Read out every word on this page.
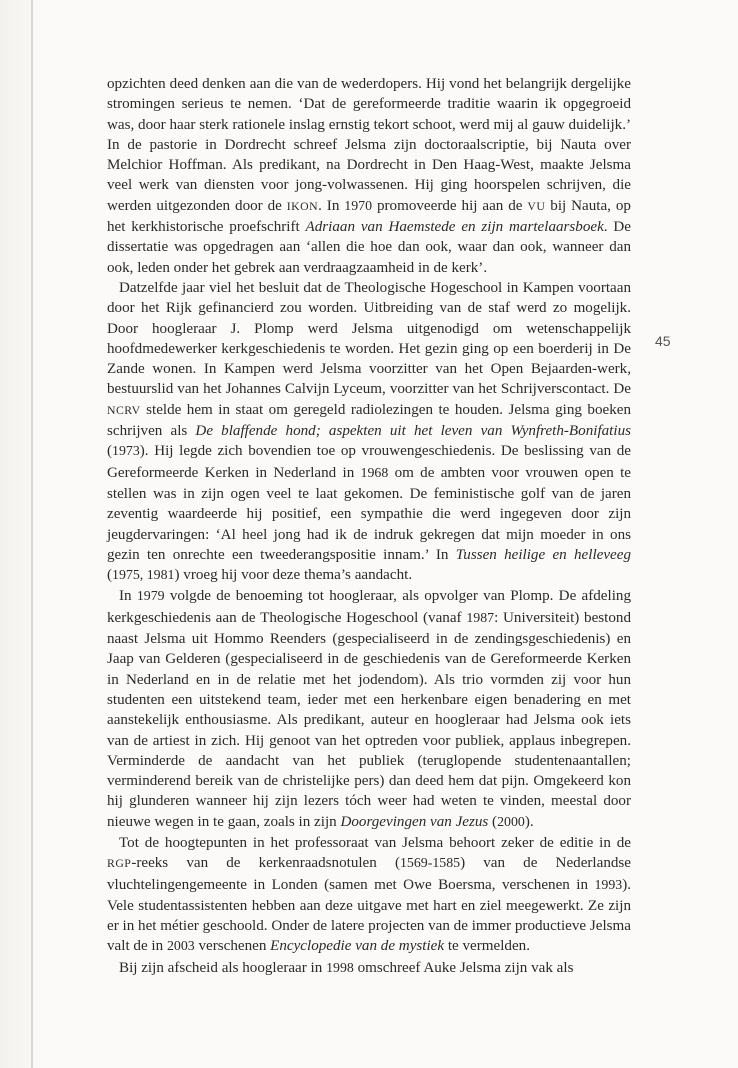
45

opzichten deed denken aan die van de wederdopers. Hij vond het belangrijk dergelijke stromingen serieus te nemen. ‘Dat de gereformeerde traditie waarin ik opgegroeid was, door haar sterk rationele inslag ernstig tekort schoot, werd mij al gauw duidelijk.’ In de pastorie in Dordrecht schreef Jelsma zijn doctoraalscriptie, bij Nauta over Melchior Hoffman. Als predikant, na Dordrecht in Den Haag-West, maakte Jelsma veel werk van diensten voor jong-volwassenen. Hij ging hoorspelen schrijven, die werden uitgezonden door de IKON. In 1970 promoveerde hij aan de VU bij Nauta, op het kerkhistorische proefschrift Adriaan van Haemstede en zijn martelaarsboek. De dissertatie was opgedragen aan ‘allen die hoe dan ook, waar dan ook, wanneer dan ook, leden onder het gebrek aan verdraagzaamheid in de kerk’.

Datzelfde jaar viel het besluit dat de Theologische Hogeschool in Kampen voortaan door het Rijk gefinancierd zou worden. Uitbreiding van de staf werd zo mogelijk. Door hoogleraar J. Plomp werd Jelsma uitgenodigd om wetenschappelijk hoofdmedewerker kerkgeschiedenis te worden. Het gezin ging op een boerderij in De Zande wonen. In Kampen werd Jelsma voorzitter van het Open Bejaarden-werk, bestuurslid van het Johannes Calvijn Lyceum, voorzitter van het Schrijverscontact. De NCRV stelde hem in staat om geregeld radiolezingen te houden. Jelsma ging boeken schrijven als De blaffende hond; aspekten uit het leven van Wynfreth-Bonifatius (1973). Hij legde zich bovendien toe op vrouwengeschiedenis. De beslissing van de Gereformeerde Kerken in Nederland in 1968 om de ambten voor vrouwen open te stellen was in zijn ogen veel te laat gekomen. De feministische golf van de jaren zeventig waardeerde hij positief, een sympathie die werd ingegeven door zijn jeugdervaringen: ‘Al heel jong had ik de indruk gekregen dat mijn moeder in ons gezin ten onrechte een tweederangspositie innam.’ In Tussen heilige en helleveeg (1975, 1981) vroeg hij voor deze thema’s aandacht.

In 1979 volgde de benoeming tot hoogleraar, als opvolger van Plomp. De afdeling kerkgeschiedenis aan de Theologische Hogeschool (vanaf 1987: Universiteit) bestond naast Jelsma uit Hommo Reenders (gespecialiseerd in de zendingsgeschiedenis) en Jaap van Gelderen (gespecialiseerd in de geschiedenis van de Gereformeerde Kerken in Nederland en in de relatie met het jodendom). Als trio vormden zij voor hun studenten een uitstekend team, ieder met een herkenbare eigen benadering en met aanstekelijk enthousiasme. Als predikant, auteur en hoogleraar had Jelsma ook iets van de artiest in zich. Hij genoot van het optreden voor publiek, applaus inbegrepen. Verminderde de aandacht van het publiek (teruglopende studentenaantallen; verminderend bereik van de christelijke pers) dan deed hem dat pijn. Omgekeerd kon hij glunderen wanneer hij zijn lezers tóch weer had weten te vinden, meestal door nieuwe wegen in te gaan, zoals in zijn Doorgevingen van Jezus (2000).

Tot de hoogtepunten in het professoraat van Jelsma behoort zeker de editie in de RGP-reeks van de kerkenraadsnotulen (1569-1585) van de Nederlandse vluchtelingengemeente in Londen (samen met Owe Boersma, verschenen in 1993). Vele studentassistenten hebben aan deze uitgave met hart en ziel meegewerkt. Ze zijn er in het métier geschoold. Onder de latere projecten van de immer productieve Jelsma valt de in 2003 verschenen Encyclopedie van de mystiek te vermelden.

Bij zijn afscheid als hoogleraar in 1998 omschreef Auke Jelsma zijn vak als
